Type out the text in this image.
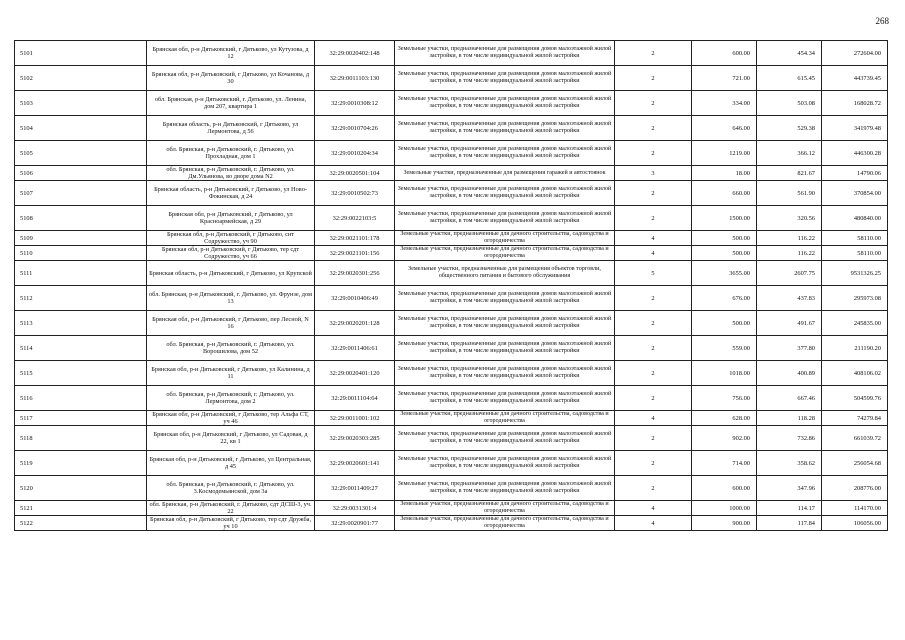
268
5101	Брянская обл, р-н Дятьковский, г Дятьково, ул Кутузова, д 12	32:29:0020402:148	Земельные участки, предназначенные для размещения домов малоэтажной жилой застройки, в том числе индивидуальной жилой застройки	2	600.00	454.34	272604.00
5102	Брянская обл, р-н Дятьковский, г Дятьково, ул Кочанова, д 30	32:29:0011103:130	Земельные участки, предназначенные для размещения домов малоэтажной жилой застройки, в том числе индивидуальной жилой застройки	2	721.00	615.45	443739.45
5103	обл. Брянская, р-н Дятьковский, г. Дятьково, ул. Ленина, дом 207, квартира 1	32:29:0010308:12	Земельные участки, предназначенные для размещения домов малоэтажной жилой застройки, в том числе индивидуальной жилой застройки	2	334.00	503.08	168028.72
5104	Брянская область, р-н Дятьковский, г Дятьково, ул Лермонтова, д 56	32:29:0010704:26	Земельные участки, предназначенные для размещения домов малоэтажной жилой застройки, в том числе индивидуальной жилой застройки	2	646.00	529.38	341979.48
5105	обл. Брянская, р-н Дятьковский, г. Дятьково, ул. Прохладная, дом 1	32:29:0010204:34	Земельные участки, предназначенные для размещения домов малоэтажной жилой застройки, в том числе индивидуальной жилой застройки	2	1219.00	366.12	446300.28
5106	обл. Брянская, р-н Дятьковский, г. Дятьково, ул. Дм.Ульянова, во дворе дома N2	32:29:0020501:104	Земельные участки, предназначенные для размещения гаражей и автостоянок	3	18.00	821.67	14790.06
5107	Брянская область, р-н Дятьковский, г Дятьково, ул Ново-Фокинская, д 24	32:29:0010502:73	Земельные участки, предназначенные для размещения домов малоэтажной жилой застройки, в том числе индивидуальной жилой застройки	2	660.00	561.90	370854.00
5108	Брянская обл, р-н Дятьковский, г Дятьково, ул Красноармейская, д 29	32:29:0022103:5	Земельные участки, предназначенные для размещения домов малоэтажной жилой застройки, в том числе индивидуальной жилой застройки	2	1500.00	320.56	480840.00
5109	Брянская обл, р-н Дятьковский, г Дятьково, снт Содружество, уч 90	32:29:0021101:178	Земельные участки, предназначенные для дачного строительства, садоводства и огородничества	4	500.00	116.22	58110.00
5110	Брянская обл, р-н Дятьковский, г Дятьково, тер сдт Содружество, уч 66	32:29:0021101:156	Земельные участки, предназначенные для дачного строительства, садоводства и огородничества	4	500.00	116.22	58110.00
5111	Брянская область, р-н Дятьковский, г Дятьково, ул Крупской	32:29:0020301:256	Земельные участки, предназначенные для размещения объектов торговли, общественного питания и бытового обслуживания	5	3655.00	2607.75	9531326.25
5112	обл. Брянская, р-н Дятьковский, г. Дятьково, ул. Фрунзе, дом 13	32:29:0010406:49	Земельные участки, предназначенные для размещения домов малоэтажной жилой застройки, в том числе индивидуальной жилой застройки	2	676.00	437.83	295973.08
5113	Брянская обл, р-н Дятьковский, г Дятьково, пер Лесной, N 16	32:29:0020201:128	Земельные участки, предназначенные для размещения домов малоэтажной жилой застройки, в том числе индивидуальной жилой застройки	2	500.00	491.67	245835.00
5114	обл. Брянская, р-н Дятьковский, г. Дятьково, ул. Ворошилова, дом 52	32:29:0011406:61	Земельные участки, предназначенные для размещения домов малоэтажной жилой застройки, в том числе индивидуальной жилой застройки	2	559.00	377.80	211190.20
5115	Брянская обл, р-н Дятьковский, г Дятьково, ул Калинина, д 11	32:29:0020401:120	Земельные участки, предназначенные для размещения домов малоэтажной жилой застройки, в том числе индивидуальной жилой застройки	2	1018.00	400.89	408106.02
5116	обл. Брянская, р-н Дятьковский, г. Дятьково, ул. Лермонтова, дом 2	32:29:0011104:64	Земельные участки, предназначенные для размещения домов малоэтажной жилой застройки, в том числе индивидуальной жилой застройки	2	756.00	667.46	504599.76
5117	Брянская обл, р-н Дятьковский, г Дятьково, тер Альфа СТ, уч 46	32:29:0011001:102	Земельные участки, предназначенные для дачного строительства, садоводства и огородничества	4	628.00	118.28	74279.84
5118	Брянская обл, р-н Дятьковский, г Дятьково, ул Садовая, д 22, кв 1	32:29:0020303:285	Земельные участки, предназначенные для размещения домов малоэтажной жилой застройки, в том числе индивидуальной жилой застройки	2	902.00	732.86	661039.72
5119	Брянская обл, р-н Дятьковский, г Дятьково, ул Центральная, д 45	32:29:0020601:141	Земельные участки, предназначенные для размещения домов малоэтажной жилой застройки, в том числе индивидуальной жилой застройки	2	714.00	358.62	256054.68
5120	обл. Брянская, р-н Дятьковский, г. Дятьково, ул. 3.Космодемьянской, дом 3а	32:29:0011409:27	Земельные участки, предназначенные для размещения домов малоэтажной жилой застройки, в том числе индивидуальной жилой застройки	2	600.00	347.96	208776.00
5121	обл. Брянская, р-н Дятьковский, г. Дятьково, сдт ДСШ-3, уч. 22	32:29:0031301:4	Земельные участки, предназначенные для дачного строительства, садоводства и огородничества	4	1000.00	114.17	114170.00
5122	Брянская обл, р-н Дятьковский, г Дятьково, тер сдт Дружба, уч 10	32:29:0020901:77	Земельные участки, предназначенные для дачного строительства, садоводства и огородничества	4	900.00	117.84	106056.00
